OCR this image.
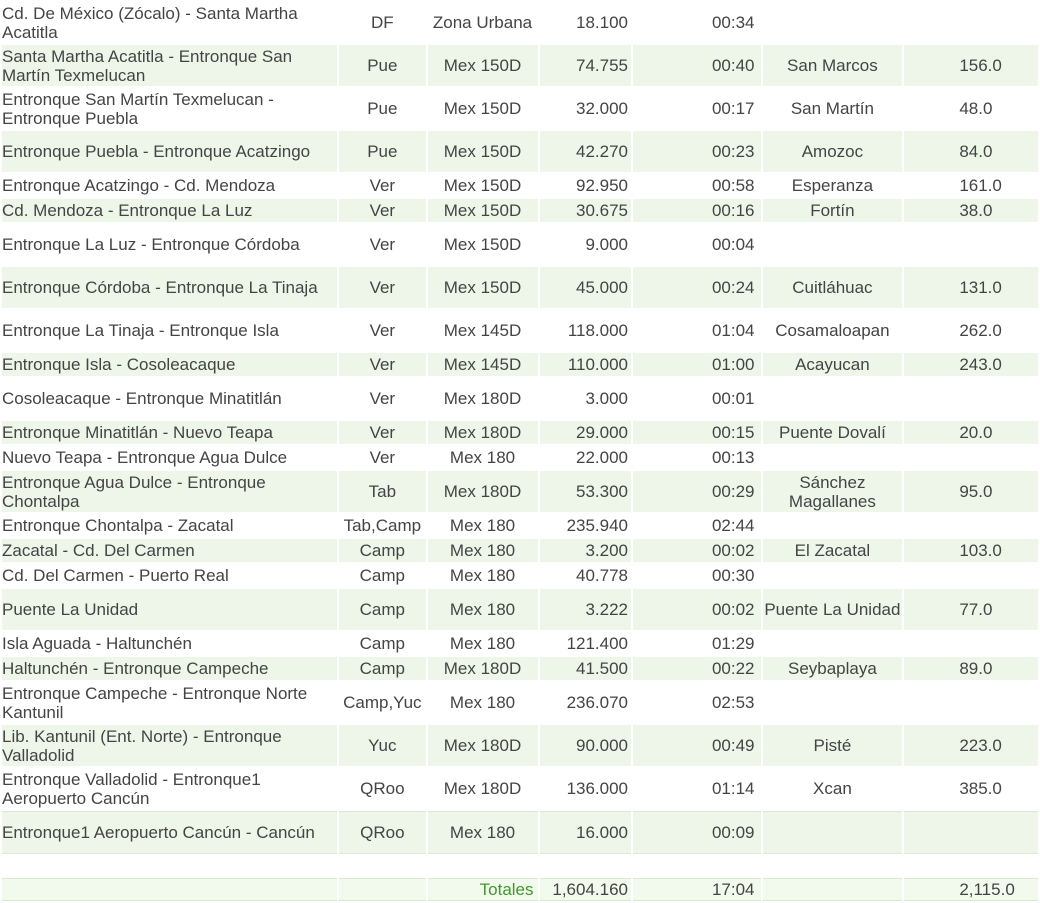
Cd. De México (Zócalo) - Santa Martha Acatitla	DF	Zona Urbana	18.100	00:34		
Santa Martha Acatitla - Entronque San Martín Texmelucan	Pue	Mex 150D	74.755	00:40	San Marcos	156.0
Entronque San Martín Texmelucan - Entronque Puebla	Pue	Mex 150D	32.000	00:17	San Martín	48.0
Entronque Puebla - Entronque Acatzingo	Pue	Mex 150D	42.270	00:23	Amozoc	84.0
Entronque Acatzingo - Cd. Mendoza	Ver	Mex 150D	92.950	00:58	Esperanza	161.0
Cd. Mendoza - Entronque La Luz	Ver	Mex 150D	30.675	00:16	Fortín	38.0
Entronque La Luz - Entronque Córdoba	Ver	Mex 150D	9.000	00:04		
Entronque Córdoba - Entronque La Tinaja	Ver	Mex 150D	45.000	00:24	Cuitláhuac	131.0
Entronque La Tinaja - Entronque Isla	Ver	Mex 145D	118.000	01:04	Cosamaloapan	262.0
Entronque Isla - Cosoleacaque	Ver	Mex 145D	110.000	01:00	Acayucan	243.0
Cosoleacaque - Entronque Minatitlán	Ver	Mex 180D	3.000	00:01		
Entronque Minatitlán - Nuevo Teapa	Ver	Mex 180D	29.000	00:15	Puente Dovalí	20.0
Nuevo Teapa - Entronque Agua Dulce	Ver	Mex 180	22.000	00:13		
Entronque Agua Dulce - Entronque Chontalpa	Tab	Mex 180D	53.300	00:29	Sánchez Magallanes	95.0
Entronque Chontalpa - Zacatal	Tab,Camp	Mex 180	235.940	02:44		
Zacatal - Cd. Del Carmen	Camp	Mex 180	3.200	00:02	El Zacatal	103.0
Cd. Del Carmen - Puerto Real	Camp	Mex 180	40.778	00:30		
Puente La Unidad	Camp	Mex 180	3.222	00:02	Puente La Unidad	77.0
Isla Aguada - Haltunchén	Camp	Mex 180	121.400	01:29		
Haltunchén - Entronque Campeche	Camp	Mex 180D	41.500	00:22	Seybaplaya	89.0
Entronque Campeche - Entronque Norte Kantunil	Camp,Yuc	Mex 180	236.070	02:53		
Lib. Kantunil (Ent. Norte) - Entronque Valladolid	Yuc	Mex 180D	90.000	00:49	Pisté	223.0
Entronque Valladolid - Entronque1 Aeropuerto Cancún	QRoo	Mex 180D	136.000	01:14	Xcan	385.0
Entronque1 Aeropuerto Cancún - Cancún	QRoo	Mex 180	16.000	00:09		

		Totales	1,604.160	17:04		2,115.0
